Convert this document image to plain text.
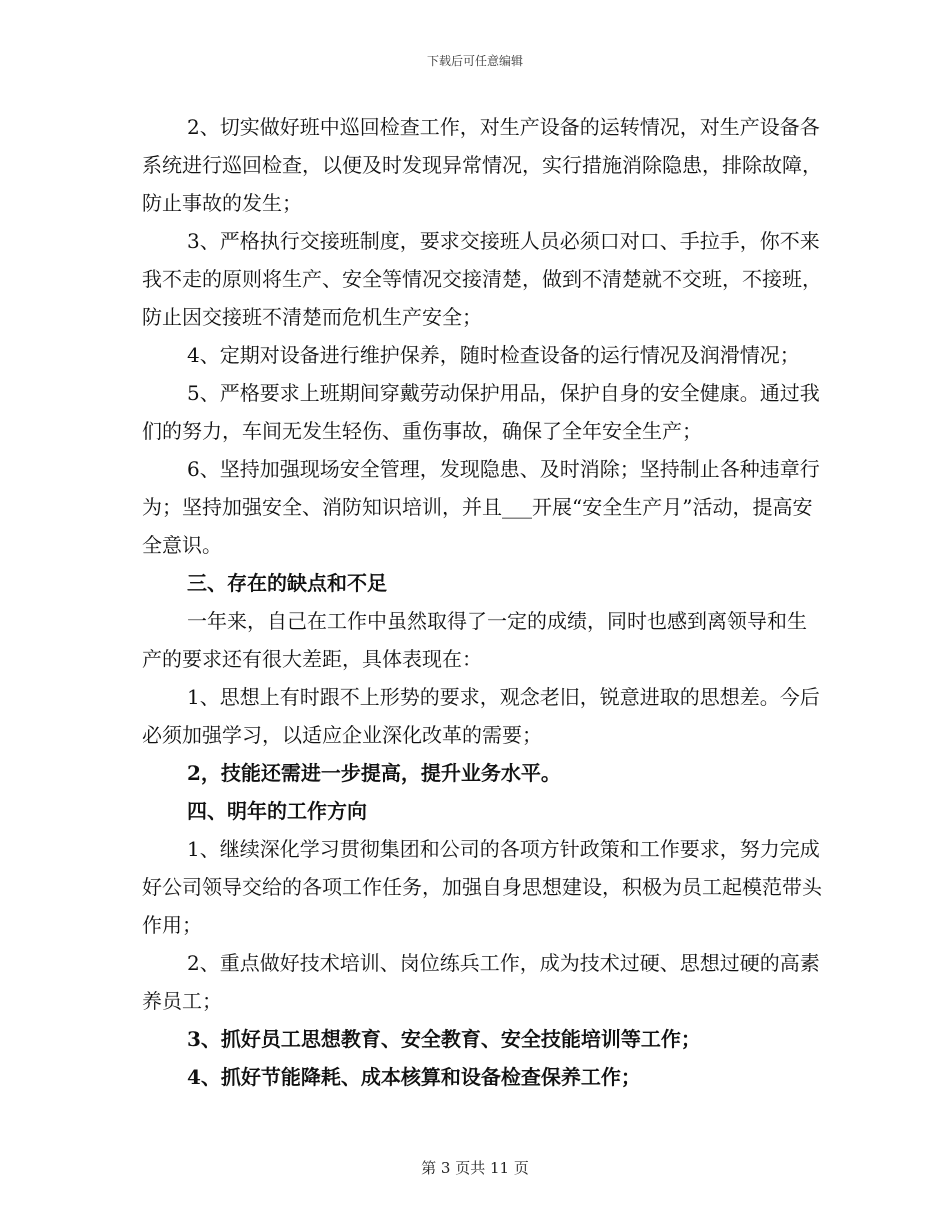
下载后可任意编辑

2、切实做好班中巡回检查工作，对生产设备的运转情况，对生产设备各系统进行巡回检查，以便及时发现异常情况，实行措施消除隐患，排除故障，防止事故的发生；

3、严格执行交接班制度，要求交接班人员必须口对口、手拉手，你不来我不走的原则将生产、安全等情况交接清楚，做到不清楚就不交班，不接班，防止因交接班不清楚而危机生产安全；

4、定期对设备进行维护保养，随时检查设备的运行情况及润滑情况；

5、严格要求上班期间穿戴劳动保护用品，保护自身的安全健康。通过我们的努力，车间无发生轻伤、重伤事故，确保了全年安全生产；

6、坚持加强现场安全管理，发现隐患、及时消除；坚持制止各种违章行为；坚持加强安全、消防知识培训，并且___开展“安全生产月”活动，提高安全意识。

三、存在的缺点和不足

一年来，自己在工作中虽然取得了一定的成绩，同时也感到离领导和生产的要求还有很大差距，具体表现在：

1、思想上有时跟不上形势的要求，观念老旧，锐意进取的思想差。今后必须加强学习，以适应企业深化改革的需要；

2，技能还需进一步提高，提升业务水平。

四、明年的工作方向

1、继续深化学习贯彻集团和公司的各项方针政策和工作要求，努力完成好公司领导交给的各项工作任务，加强自身思想建设，积极为员工起模范带头作用；

2、重点做好技术培训、岗位练兵工作，成为技术过硬、思想过硬的高素养员工；

3、抓好员工思想教育、安全教育、安全技能培训等工作；

4、抓好节能降耗、成本核算和设备检查保养工作；

第 3 页共 11 页
